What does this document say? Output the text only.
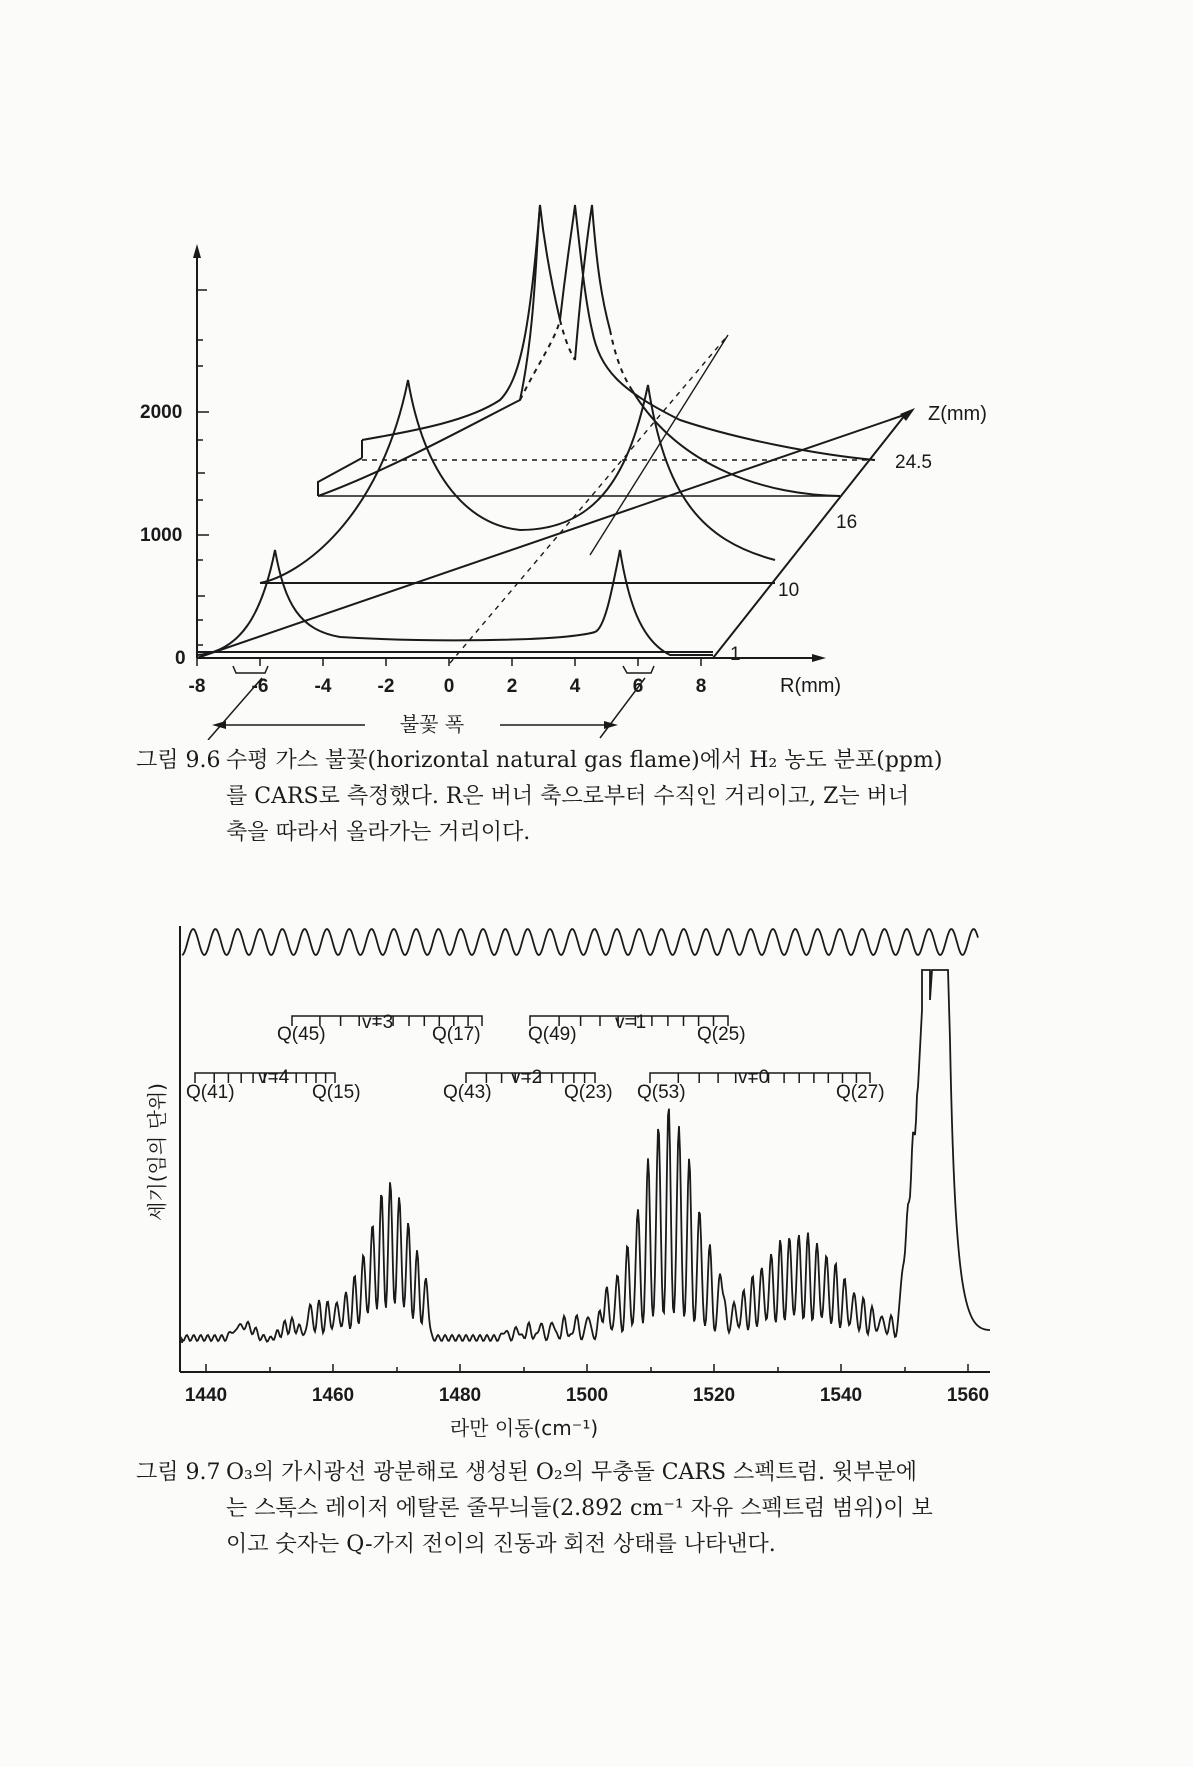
2000
1000
0
-8 -6 -4 -2	0	2	4	6	8	R(mm)
Z(mm)
24.5
16
10
1
불꽃 폭
그림 9.6 수평 가스 불꽃(horizontal natural gas flame)에서 H₂ 농도 분포(ppm)
를 CARS로 측정했다. R은 버너 축으로부터 수직인 거리이고, Z는 버너
축을 따라서 올라가는 거리이다.
Q(45)
v=3
Q(17) Q(49)
v=1
Q(25)
Q(41)
v=4
Q(15)	Q(43)
v=2
Q(23) Q(53)
v=0
Q(27)
1440	1460	1480	1500	1520	1540	1560
라만 이동(cm⁻¹)
세기(임의 단위)
그림 9.7 O₃의 가시광선 광분해로 생성된 O₂의 무충돌 CARS 스펙트럼. 윗부분에
는 스톡스 레이저 에탈론 줄무늬들(2.892 cm⁻¹ 자유 스펙트럼 범위)이 보
이고 숫자는 Q-가지 전이의 진동과 회전 상태를 나타낸다.
